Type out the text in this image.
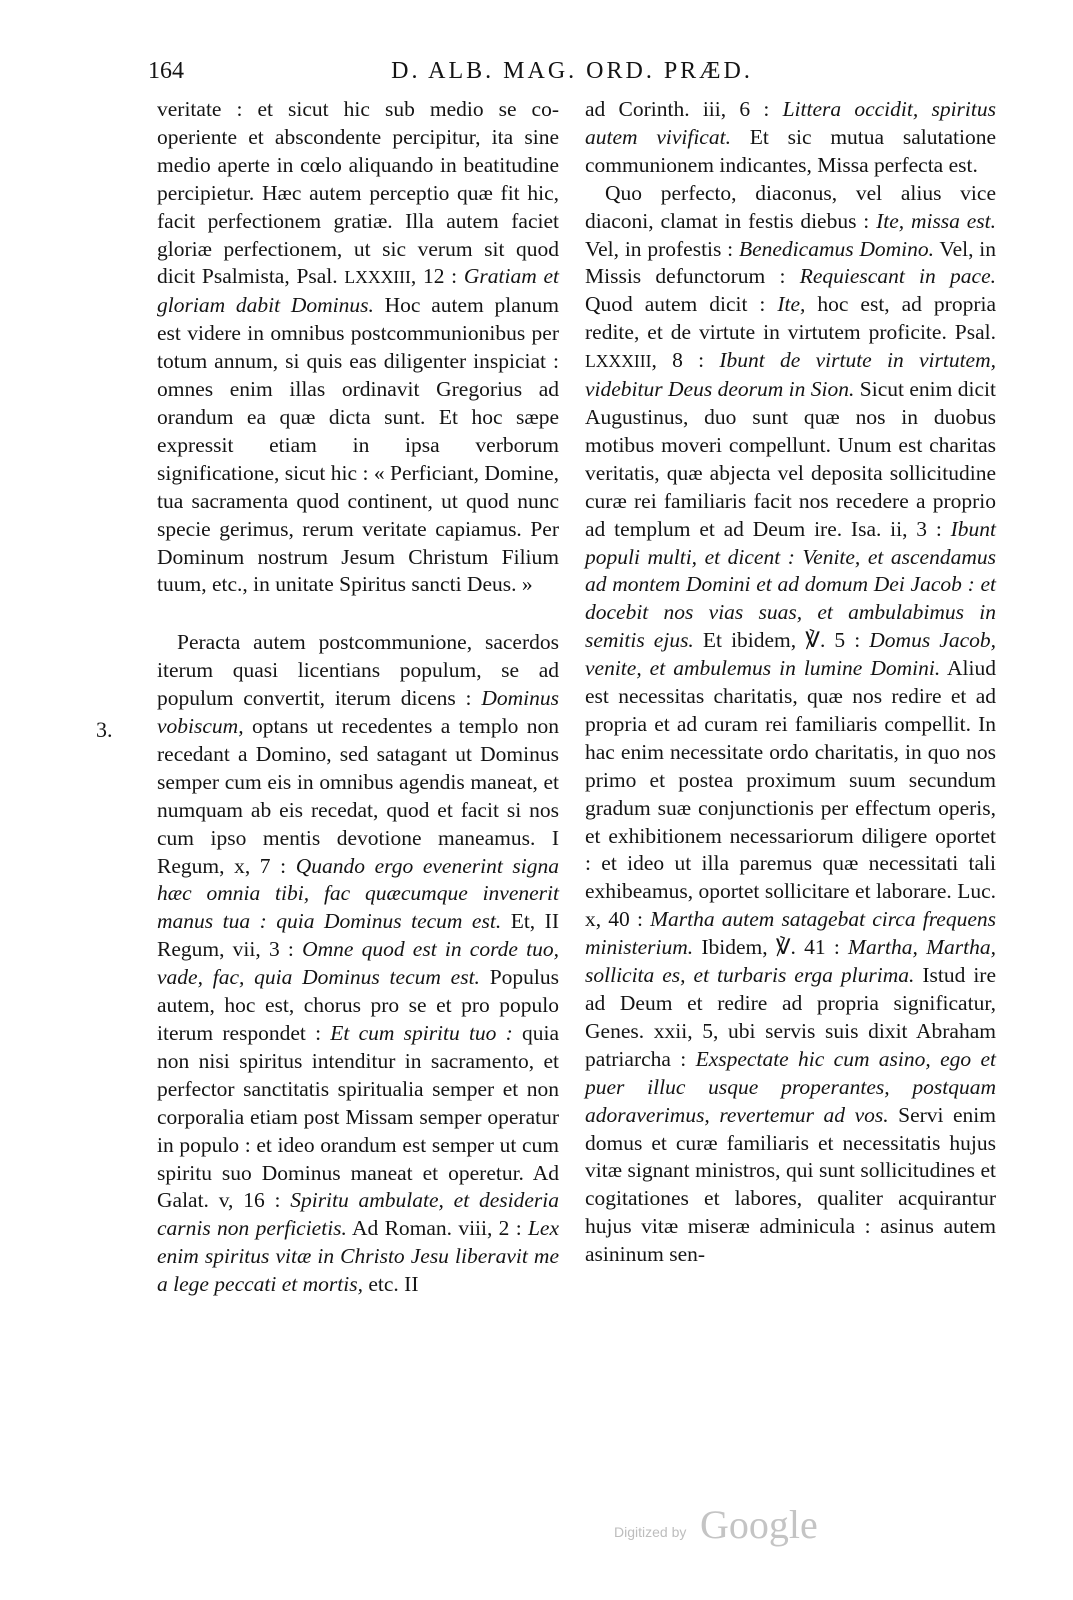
164	D. ALB. MAG. ORD. PRÆD.

veritate : et sicut hic sub medio se co-operiente et abscondente percipitur, ita sine medio aperte in cœlo aliquando in beatitudine percipietur. Hæc autem perceptio quæ fit hic, facit perfectionem gratiæ. Illa autem faciet gloriæ perfectionem, ut sic verum sit quod dicit Psalmista, Psal. LXXXIII, 12 : Gratiam et gloriam dabit Dominus. Hoc autem planum est videre in omnibus postcommunionibus per totum annum, si quis eas diligenter inspiciat : omnes enim illas ordinavit Gregorius ad orandum ea quæ dicta sunt. Et hoc sæpe expressit etiam in ipsa verborum significatione, sicut hic : « Perficiant, Domine, tua sacramenta quod continent, ut quod nunc specie gerimus, rerum veritate capiamus. Per Dominum nostrum Jesum Christum Filium tuum, etc., in unitate Spiritus sancti Deus. »

Peracta autem postcommunione, sacerdos iterum quasi licentians populum, se ad populum convertit, iterum dicens : Dominus vobiscum, optans ut recedentes a templo non recedant a Domino, sed satagant ut Dominus semper cum eis in omnibus agendis maneat, et numquam ab eis recedat, quod et facit si nos cum ipso mentis devotione maneamus. I Regum, x, 7 : Quando ergo evenerint signa hæc omnia tibi, fac quæcumque invenerit manus tua : quia Dominus tecum est. Et, II Regum, vii, 3 : Omne quod est in corde tuo, vade, fac, quia Dominus tecum est. Populus autem, hoc est, chorus pro se et pro populo iterum respondet : Et cum spiritu tuo : quia non nisi spiritus intenditur in sacramento, et perfector sanctitatis spiritualia semper et non corporalia etiam post Missam semper operatur in populo : et ideo orandum est semper ut cum spiritu suo Dominus maneat et operetur. Ad Galat. v, 16 : Spiritu ambulate, et desideria carnis non perficietis. Ad Roman. viii, 2 : Lex enim spiritus vitæ in Christo Jesu liberavit me a lege peccati et mortis, etc. II

3.

ad Corinth. iii, 6 : Littera occidit, spiritus autem vivificat. Et sic mutua salutatione communionem indicantes, Missa perfecta est.

Quo perfecto, diaconus, vel alius vice diaconi, clamat in festis diebus : Ite, missa est. Vel, in profestis : Benedicamus Domino. Vel, in Missis defunctorum : Requiescant in pace. Quod autem dicit : Ite, hoc est, ad propria redite, et de virtute in virtutem proficite. Psal. LXXXIII, 8 : Ibunt de virtute in virtutem, videbitur Deus deorum in Sion. Sicut enim dicit Augustinus, duo sunt quæ nos in duobus motibus moveri compellunt. Unum est charitas veritatis, quæ abjecta vel deposita sollicitudine curæ rei familiaris facit nos recedere a proprio ad templum et ad Deum ire. Isa. ii, 3 : Ibunt populi multi, et dicent : Venite, et ascendamus ad montem Domini et ad domum Dei Jacob : et docebit nos vias suas, et ambulabimus in semitis ejus. Et ibidem, ℣. 5 : Domus Jacob, venite, et ambulemus in lumine Domini. Aliud est necessitas charitatis, quæ nos redire et ad propria et ad curam rei familiaris compellit. In hac enim necessitate ordo charitatis, in quo nos primo et postea proximum suum secundum gradum suæ conjunctionis per effectum operis, et exhibitionem necessariorum diligere oportet : et ideo ut illa paremus quæ necessitati tali exhibeamus, oportet sollicitare et laborare. Luc. x, 40 : Martha autem satagebat circa frequens ministerium. Ibidem, ℣. 41 : Martha, Martha, sollicita es, et turbaris erga plurima. Istud ire ad Deum et redire ad propria significatur, Genes. xxii, 5, ubi servis suis dixit Abraham patriarcha : Exspectate hic cum asino, ego et puer illuc usque properantes, postquam adoraverimus, revertemur ad vos. Servi enim domus et curæ familiaris et necessitatis hujus vitæ signant ministros, qui sunt sollicitudines et cogitationes et labores, qualiter acquirantur hujus vitæ miseræ adminicula : asinus autem asininum sen-

Digitized by Google
